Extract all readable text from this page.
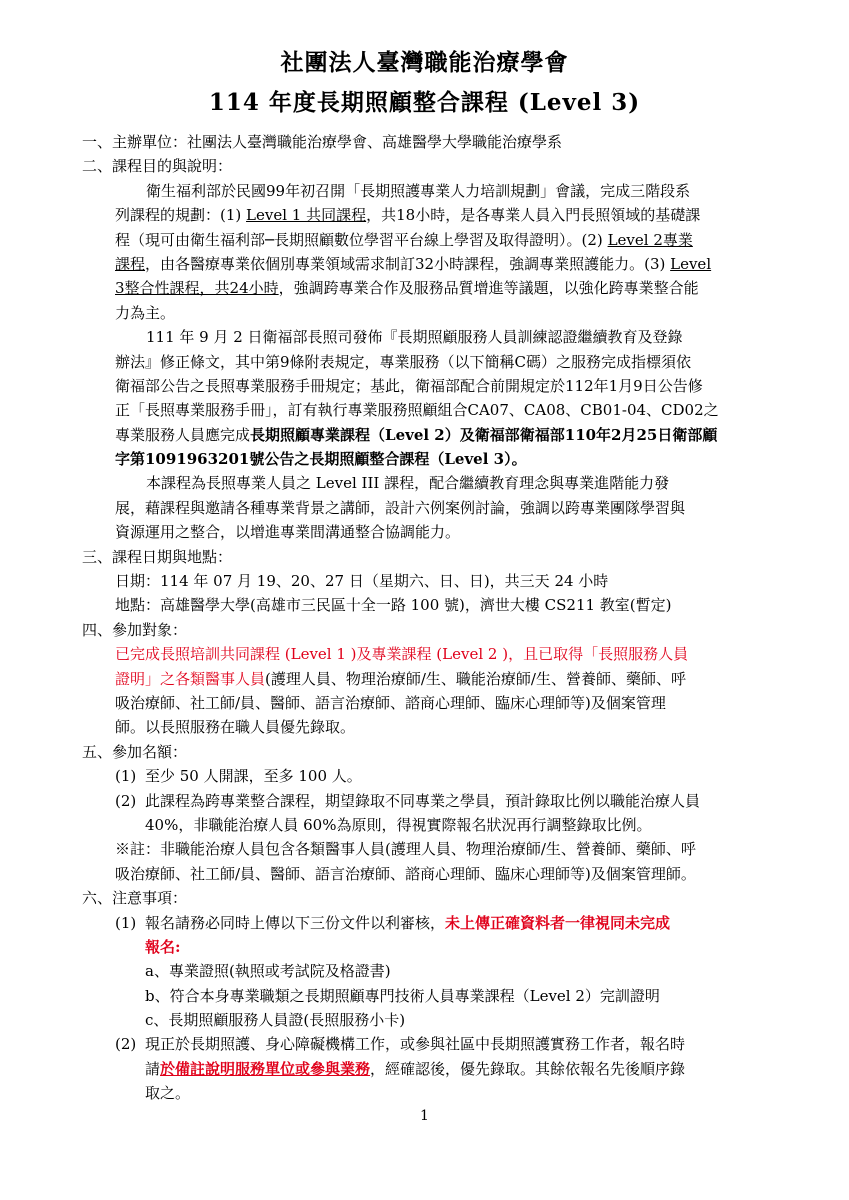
社團法人臺灣職能治療學會
114 年度長期照顧整合課程 (Level 3)
一、主辦單位：社團法人臺灣職能治療學會、高雄醫學大學職能治療學系
二、課程目的與說明：
衛生福利部於民國99年初召開「長期照護專業人力培訓規劃」會議，完成三階段系
列課程的規劃：(1) Level 1 共同課程，共18小時，是各專業人員入門長照領域的基礎課
程（現可由衛生福利部─長期照顧數位學習平台線上學習及取得證明）。(2) Level 2專業
課程，由各醫療專業依個別專業領域需求制訂32小時課程，強調專業照護能力。(3) Level
3整合性課程，共24小時，強調跨專業合作及服務品質增進等議題，以強化跨專業整合能
力為主。
111 年 9 月 2 日衛福部長照司發佈『長期照顧服務人員訓練認證繼續教育及登錄
辦法』修正條文，其中第9條附表規定，專業服務（以下簡稱C碼）之服務完成指標須依
衛福部公告之長照專業服務手冊規定；基此，衛福部配合前開規定於112年1月9日公告修
正「長照專業服務手冊」，訂有執行專業服務照顧組合CA07、CA08、CB01-04、CD02之
專業服務人員應完成長期照顧專業課程（Level 2）及衛福部衛福部110年2月25日衛部顧
字第1091963201號公告之長期照顧整合課程（Level 3）。
本課程為長照專業人員之 Level III 課程，配合繼續教育理念與專業進階能力發
展，藉課程與邀請各種專業背景之講師，設計六例案例討論，強調以跨專業團隊學習與
資源運用之整合，以增進專業間溝通整合協調能力。
三、課程日期與地點：
日期：114 年 07 月 19、20、27 日（星期六、日、日)，共三天 24 小時
地點：高雄醫學大學(高雄市三民區十全一路 100 號)，濟世大樓 CS211 教室(暫定)
四、參加對象：
已完成長照培訓共同課程 (Level 1 )及專業課程 (Level 2 )，且已取得「長照服務人員
證明」之各類醫事人員(護理人員、物理治療師/生、職能治療師/生、營養師、藥師、呼
吸治療師、社工師/員、醫師、語言治療師、諮商心理師、臨床心理師等)及個案管理
師。以長照服務在職人員優先錄取。
五、參加名額：
(1) 至少 50 人開課，至多 100 人。
(2) 此課程為跨專業整合課程，期望錄取不同專業之學員，預計錄取比例以職能治療人員
40%，非職能治療人員 60%為原則，得視實際報名狀況再行調整錄取比例。
※註：非職能治療人員包含各類醫事人員(護理人員、物理治療師/生、營養師、藥師、呼
吸治療師、社工師/員、醫師、語言治療師、諮商心理師、臨床心理師等)及個案管理師。
六、注意事項：
(1) 報名請務必同時上傳以下三份文件以利審核，未上傳正確資料者一律視同未完成
報名:
a、專業證照(執照或考試院及格證書)
b、符合本身專業職類之長期照顧專門技術人員專業課程（Level 2）完訓證明
c、長期照顧服務人員證(長照服務小卡)
(2) 現正於長期照護、身心障礙機構工作，或參與社區中長期照護實務工作者，報名時
請於備註說明服務單位或參與業務，經確認後，優先錄取。其餘依報名先後順序錄
取之。
1
